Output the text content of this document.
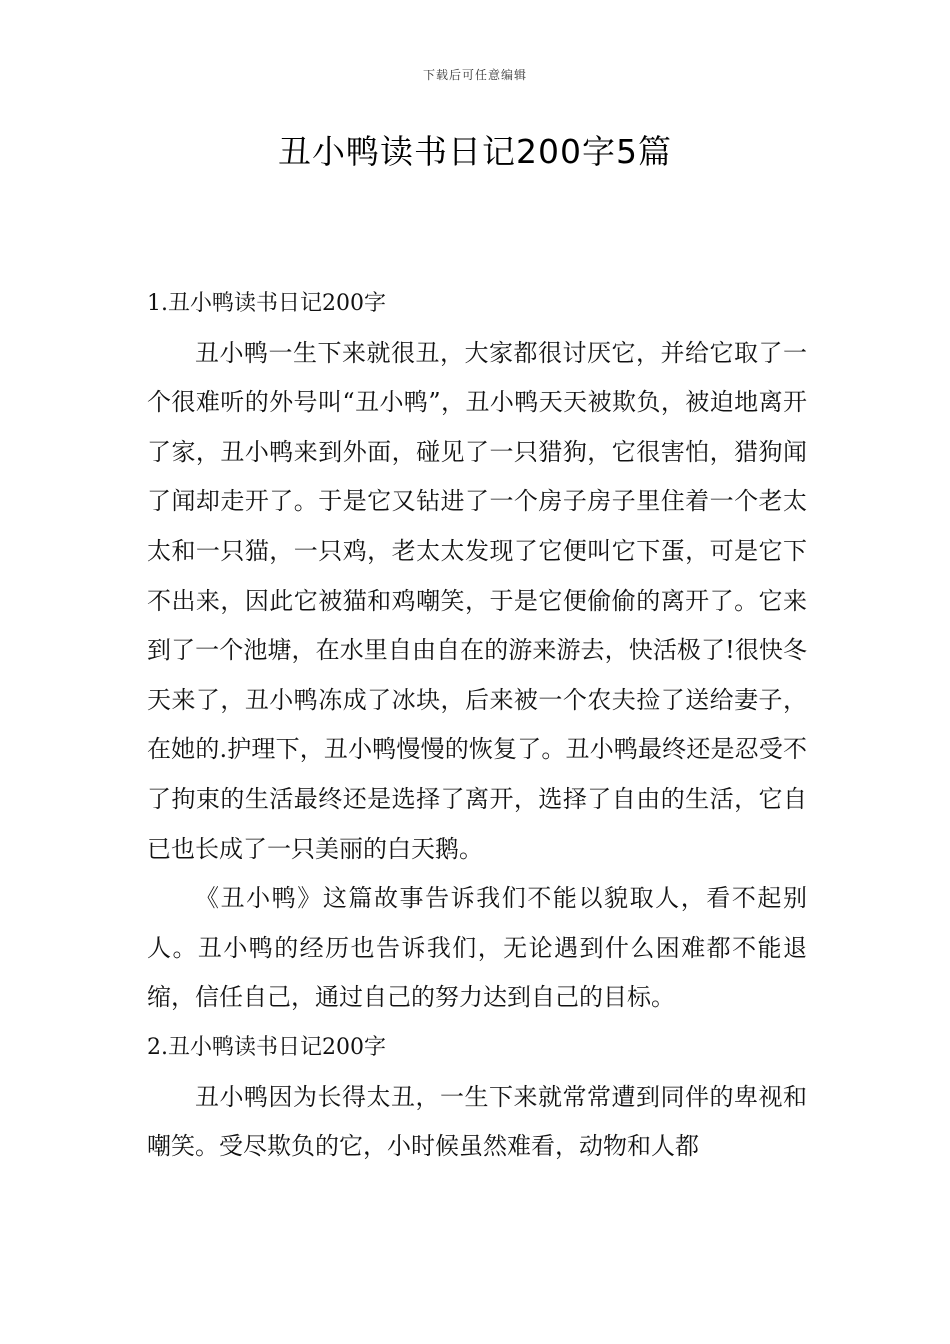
下载后可任意编辑
丑小鸭读书日记200字5篇
1.丑小鸭读书日记200字

丑小鸭一生下来就很丑，大家都很讨厌它，并给它取了一个很难听的外号叫“丑小鸭”，丑小鸭天天被欺负，被迫地离开了家，丑小鸭来到外面，碰见了一只猎狗，它很害怕，猎狗闻了闻却走开了。于是它又钻进了一个房子房子里住着一个老太太和一只猫，一只鸡，老太太发现了它便叫它下蛋，可是它下不出来，因此它被猫和鸡嘲笑，于是它便偷偷的离开了。它来到了一个池塘，在水里自由自在的游来游去，快活极了!很快冬天来了，丑小鸭冻成了冰块，后来被一个农夫捡了送给妻子，在她的.护理下，丑小鸭慢慢的恢复了。丑小鸭最终还是忍受不了拘束的生活最终还是选择了离开，选择了自由的生活，它自已也长成了一只美丽的白天鹅。

《丑小鸭》这篇故事告诉我们不能以貌取人，看不起别人。丑小鸭的经历也告诉我们，无论遇到什么困难都不能退缩，信任自己，通过自己的努力达到自己的目标。

2.丑小鸭读书日记200字

丑小鸭因为长得太丑，一生下来就常常遭到同伴的卑视和嘲笑。受尽欺负的它，小时候虽然难看，动物和人都
